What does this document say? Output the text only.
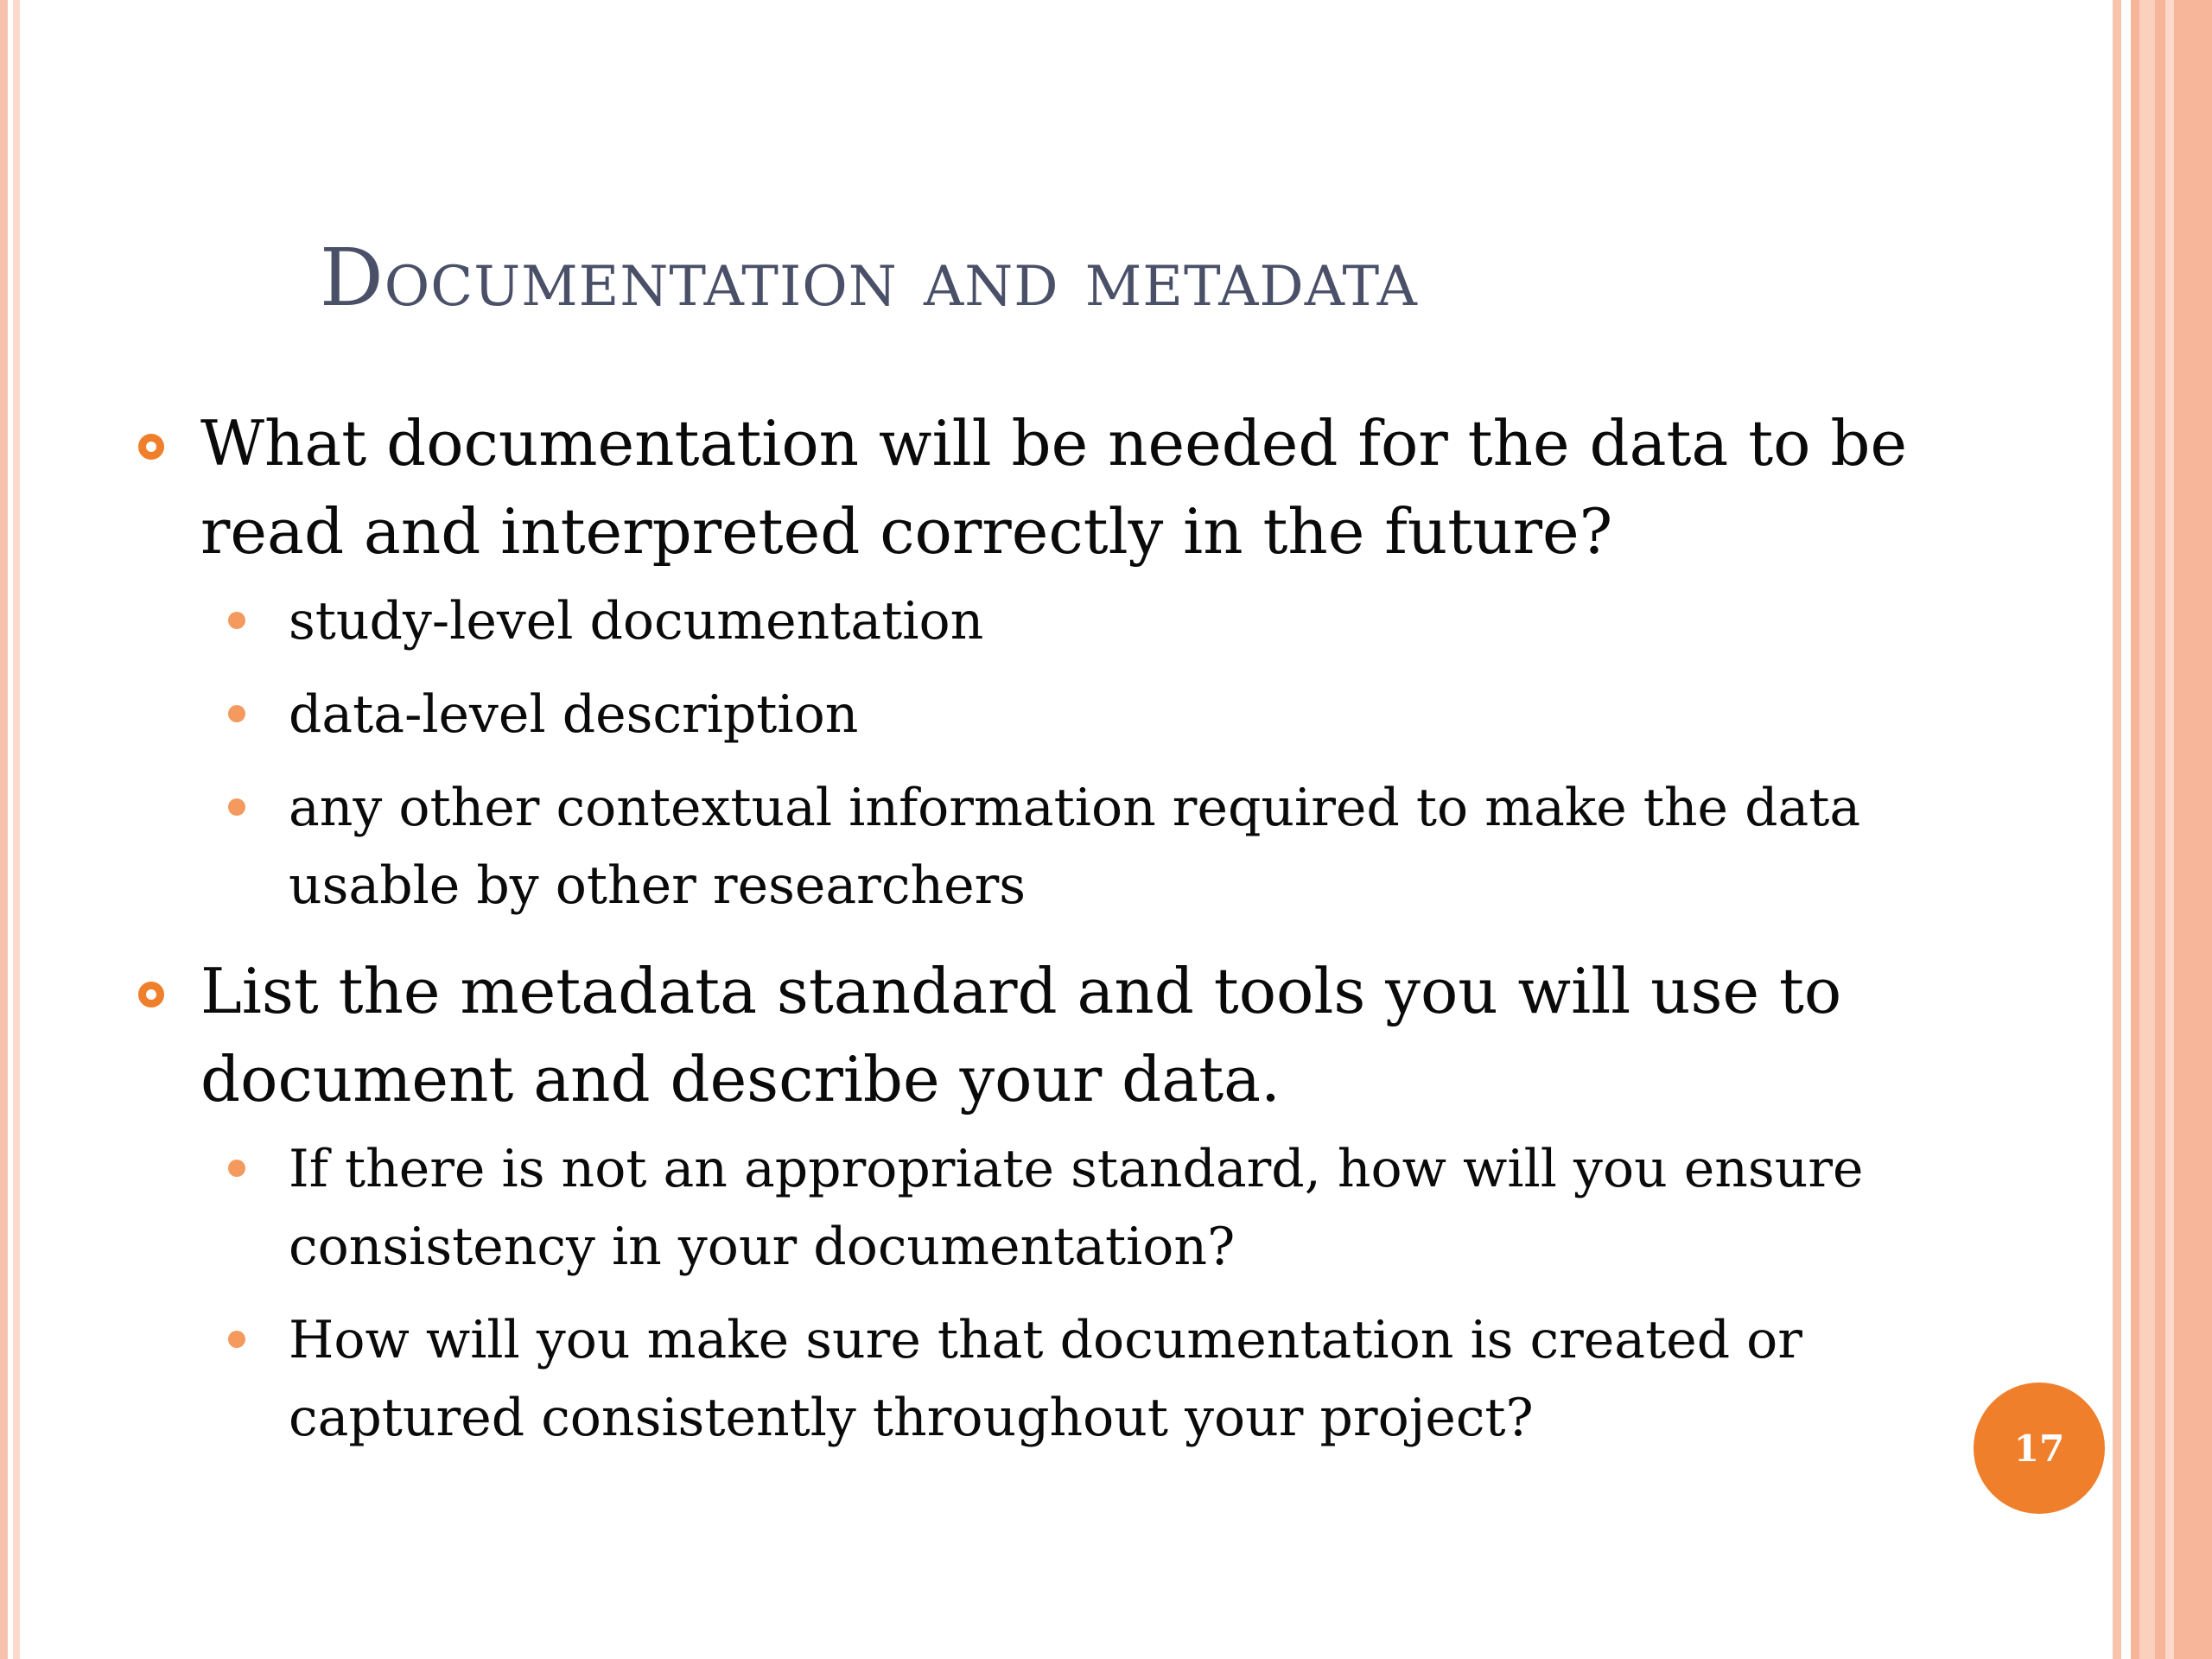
Documentation and metadata
What documentation will be needed for the data to be read and interpreted correctly in the future?
study-level documentation
data-level description
any other contextual information required to make the data usable by other researchers
List the metadata standard and tools you will use to document and describe your data.
If there is not an appropriate standard, how will you ensure consistency in your documentation?
How will you make sure that documentation is created or captured consistently throughout your project?	17
